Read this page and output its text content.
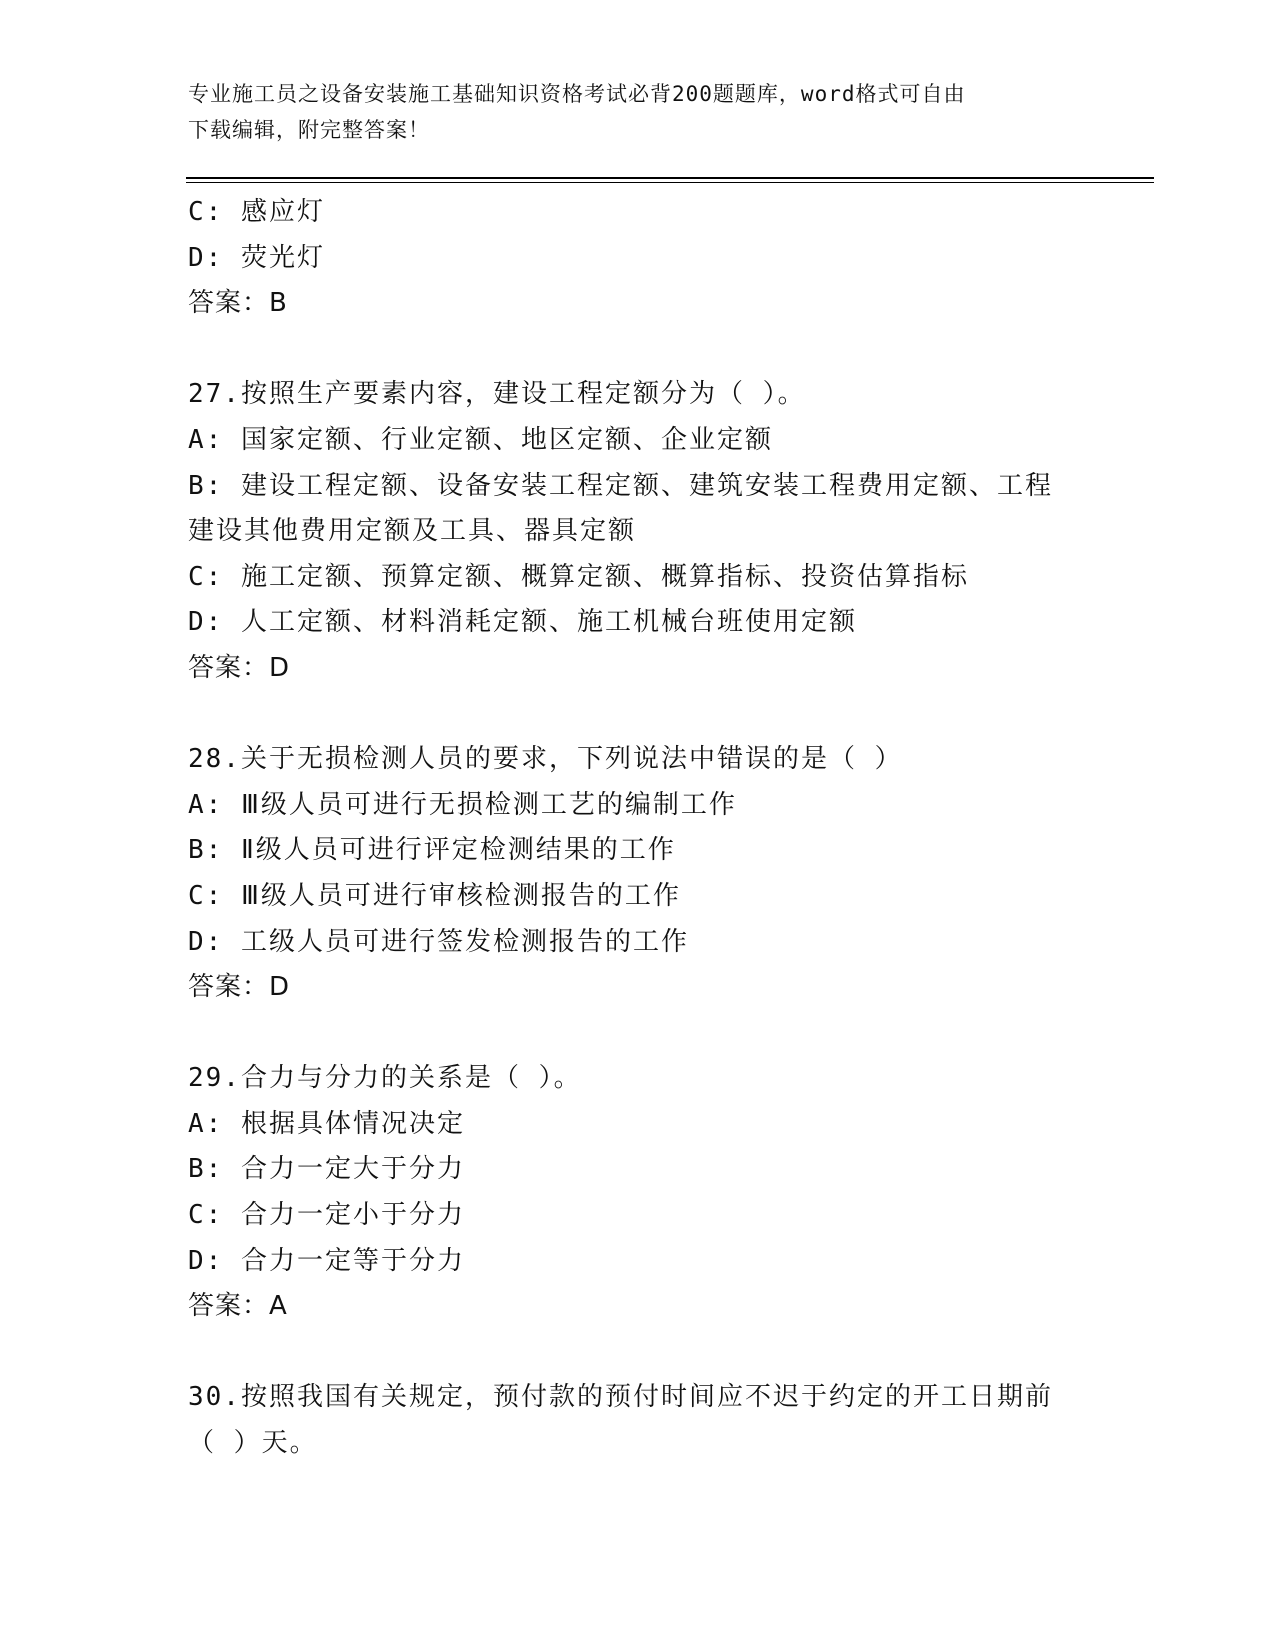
专业施工员之设备安装施工基础知识资格考试必背200题题库，word格式可自由
下载编辑，附完整答案！
C: 感应灯
D: 荧光灯
答案：B
27.按照生产要素内容，建设工程定额分为（ ）。
A: 国家定额、行业定额、地区定额、企业定额
B: 建设工程定额、设备安装工程定额、建筑安装工程费用定额、工程
建设其他费用定额及工具、器具定额
C: 施工定额、预算定额、概算定额、概算指标、投资估算指标
D: 人工定额、材料消耗定额、施工机械台班使用定额
答案：D
28.关于无损检测人员的要求，下列说法中错误的是（ ）
A: Ⅲ级人员可进行无损检测工艺的编制工作
B: Ⅱ级人员可进行评定检测结果的工作
C: Ⅲ级人员可进行审核检测报告的工作
D: 工级人员可进行签发检测报告的工作
答案：D
29.合力与分力的关系是（ ）。
A: 根据具体情况决定
B: 合力一定大于分力
C: 合力一定小于分力
D: 合力一定等于分力
答案：A
30.按照我国有关规定，预付款的预付时间应不迟于约定的开工日期前
（ ）天。
